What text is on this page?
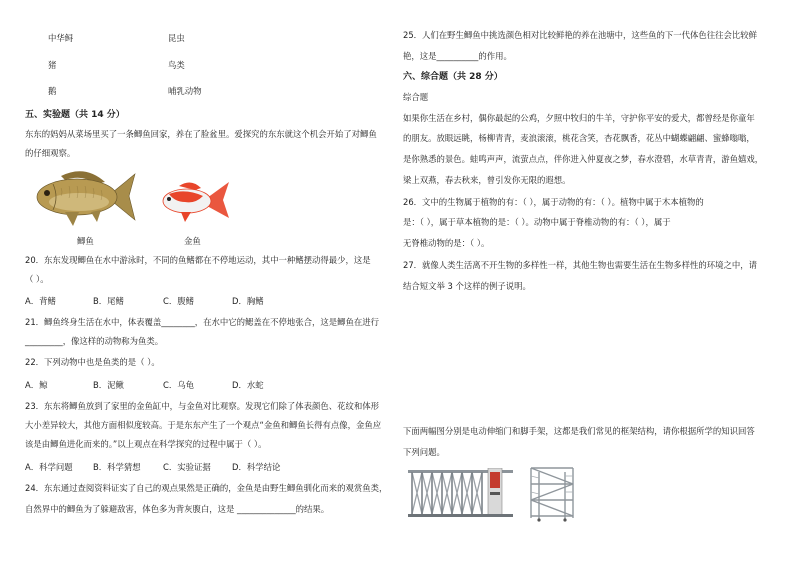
中华鲟	昆虫
猪	鸟类
鹅	哺乳动物
五、实验题（共 14 分）
东东的妈妈从菜场里买了一条鲫鱼回家，养在了脸盆里。爱探究的东东就这个机会开始了对鲫鱼
的仔细观察。
鲫鱼	金鱼
20．东东发现鲫鱼在水中游泳时，不同的鱼鳍都在不停地运动，其中一种鳍摆动得最少，这是
（ ）。
A．背鳍	B．尾鳍	C．腹鳍	D．胸鳍
21．鲫鱼终身生活在水中，体表覆盖________，在水中它的鳃盖在不停地张合，这是鲫鱼在进行
_________，像这样的动物称为鱼类。
22．下列动物中也是鱼类的是（ ）。
A．鲸	B．泥鳅	C．乌龟	D．水蛇
23．东东将鲫鱼放到了家里的金鱼缸中，与金鱼对比观察。发现它们除了体表颜色、花纹和体形
大小差异较大，其他方面相似度较高。于是东东产生了一个观点“金鱼和鲫鱼长得有点像，金鱼应
该是由鲫鱼进化而来的。”以上观点在科学探究的过程中属于（ ）。
A．科学问题 B．科学猜想	C．实验证据	D．科学结论
24．东东通过查阅资料证实了自己的观点果然是正确的，金鱼是由野生鲫鱼驯化而来的观赏鱼类，
自然界中的鲫鱼为了躲避敌害，体色多为背灰腹白，这是 ______________的结果。
25．人们在野生鲫鱼中挑选颜色相对比较鲜艳的养在池塘中，这些鱼的下一代体色往往会比较鲜
艳，这是__________的作用。
六、综合题（共 28 分）
综合题
如果你生活在乡村，偶你最起的公鸡，夕照中牧归的牛羊，守护你平安的爱犬，都曾经是你童年
的朋友。放眼远眺，杨柳青青，麦浪滚滚，桃花含笑，杏花飘香，花丛中蝴蝶翩翩、蜜蜂嗡嗡，
是你熟悉的景色。蛙鸣声声，流萤点点，伴你进入仲夏夜之梦，春水澄碧，水草青青，游鱼嬉戏，
梁上双燕，春去秋来，曾引发你无限的遐想。
26．文中的生物属于植物的有：（ ），属于动物的有：（ ）。植物中属于木本植物的
是：（ ），属于草本植物的是：（ ）。动物中属于脊椎动物的有：（ ），属于
无脊椎动物的是：（ ）。
27．就像人类生活离不开生物的多样性一样，其他生物也需要生活在生物多样性的环境之中，请
结合短文举 3 个这样的例子说明。
下面两幅图分别是电动伸缩门和脚手架，这都是我们常见的框架结构，请你根据所学的知识回答
下列问题。
